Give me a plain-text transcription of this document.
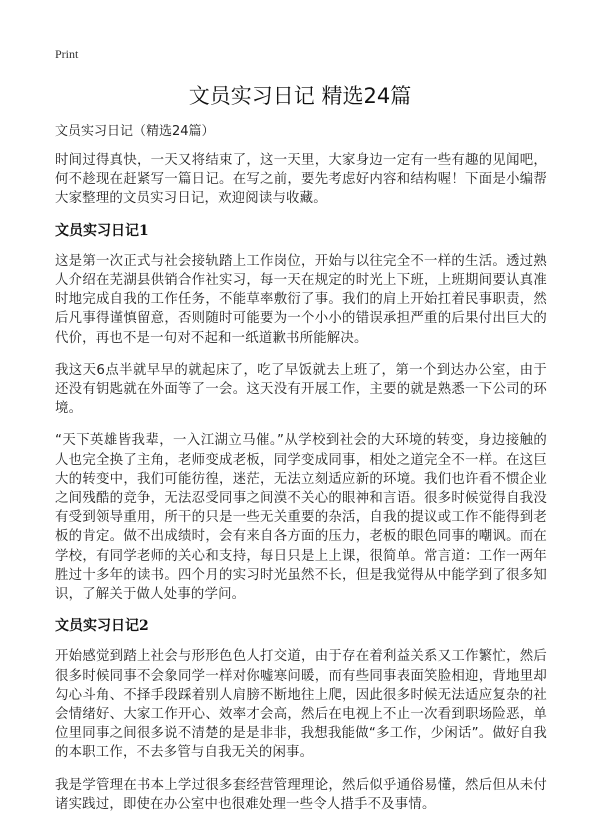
Print
文员实习日记 精选24篇
文员实习日记（精选24篇）

时间过得真快，一天又将结束了，这一天里，大家身边一定有一些有趣的见闻吧，何不趁现在赶紧写一篇日记。在写之前，要先考虑好内容和结构喔！下面是小编帮大家整理的文员实习日记，欢迎阅读与收藏。

文员实习日记1

这是第一次正式与社会接轨踏上工作岗位，开始与以往完全不一样的生活。透过熟人介绍在芜湖县供销合作社实习，每一天在规定的时光上下班，上班期间要认真准时地完成自我的工作任务，不能草率敷衍了事。我们的肩上开始扛着民事职责，然后凡事得谨慎留意，否则随时可能要为一个小小的错误承担严重的后果付出巨大的代价，再也不是一句对不起和一纸道歉书所能解决。

我这天6点半就早早的就起床了，吃了早饭就去上班了，第一个到达办公室，由于还没有钥匙就在外面等了一会。这天没有开展工作，主要的就是熟悉一下公司的环境。

“天下英雄皆我辈，一入江湖立马催。”从学校到社会的大环境的转变，身边接触的人也完全换了主角，老师变成老板，同学变成同事，相处之道完全不一样。在这巨大的转变中，我们可能彷徨，迷茫，无法立刻适应新的环境。我们也许看不惯企业之间残酷的竞争，无法忍受同事之间漠不关心的眼神和言语。很多时候觉得自我没有受到领导重用，所干的只是一些无关重要的杂活，自我的提议或工作不能得到老板的肯定。做不出成绩时，会有来自各方面的压力，老板的眼色同事的嘲讽。而在学校，有同学老师的关心和支持，每日只是上上课，很简单。常言道：工作一两年胜过十多年的读书。四个月的实习时光虽然不长，但是我觉得从中能学到了很多知识，了解关于做人处事的学问。

文员实习日记2

开始感觉到踏上社会与形形色色人打交道，由于存在着利益关系又工作繁忙，然后很多时候同事不会象同学一样对你嘘寒问暖，而有些同事表面笑脸相迎，背地里却勾心斗角、不择手段踩着别人肩膀不断地往上爬，因此很多时候无法适应复杂的社会情绪好、大家工作开心、效率才会高，然后在电视上不止一次看到职场险恶，单位里同事之间很多说不清楚的是是非非，我想我能做“多工作，少闲话”。做好自我的本职工作，不去多管与自我无关的闲事。

我是学管理在书本上学过很多套经营管理理论，然后似乎通俗易懂，然后但从未付诸实践过，即使在办公室中也很难处理一些令人措手不及事情。
